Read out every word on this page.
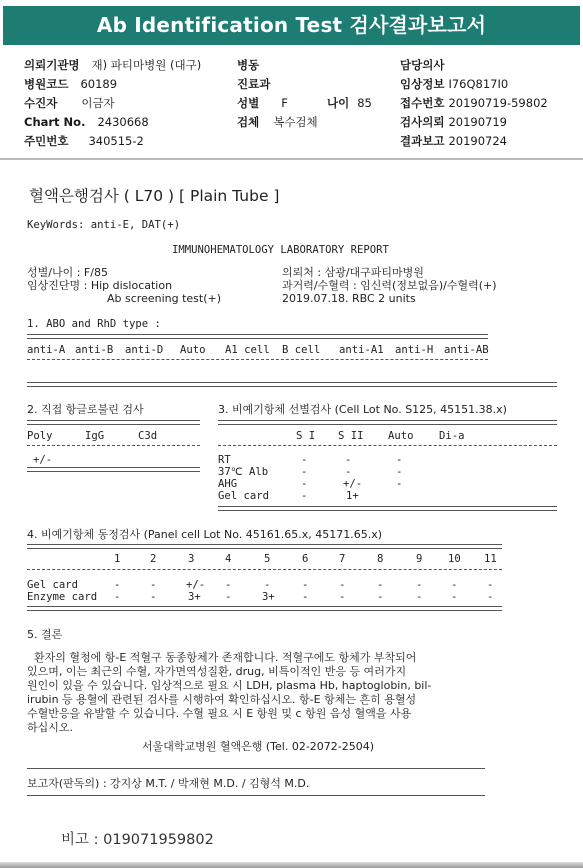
Ab Identification Test 검사결과보고서
의뢰기관명 재) 파티마병원 (대구)
병원코드 60189
수진자 이금자
Chart No. 2430668
주민번호 340515-2
병동
진료과
성별 F	나이 85
검체 복수검체
담당의사
임상정보 I76Q817I0
접수번호 20190719-59802
검사의뢰 20190719
결과보고 20190724
혈액은행검사 ( L70 ) [ Plain Tube ]
KeyWords: anti-E, DAT(+)
IMMUNOHEMATOLOGY LABORATORY REPORT
성별/나이 : F/85	의뢰처 : 삼광/대구파티마병원
임상진단명 : Hip dislocation	과거력/수혈력 : 임신력(정보없음)/수혈력(+)
Ab screening test(+)	2019.07.18. RBC 2 units
1. ABO and RhD type :
anti-A anti-B anti-D Auto A1 cell B cell anti-A1 anti-H anti-AB
2. 직접 항글로불린 검사
Poly	IgG	C3d
+/-
3. 비예기항체 선별검사 (Cell Lot No. S125, 45151.38.x)
S I S II Auto Di-a
RT	-	-	-
37℃ Alb	-	-	-
AHG	-	+/-	-
Gel card	-	1+
4. 비예기항체 동정검사 (Panel cell Lot No. 45161.65.x, 45171.65.x)
1	2	3	4	5	6	7	8	9 10 11
Gel card	-	-	+/- -	-	-	-	-	-	-	-
Enzyme card -	-	3+ -	3+	-	-	-	-	-	-
5. 결론
환자의 혈청에 항-E 적혈구 동종항체가 존재합니다. 적혈구에도 항체가 부착되어
있으며, 이는 최근의 수혈, 자가면역성질환, drug, 비특이적인 반응 등 여러가지
원인이 있을 수 있습니다. 임상적으로 필요 시 LDH, plasma Hb, haptoglobin, bil-
irubin 등 용혈에 관련된 검사를 시행하여 확인하십시오. 항-E 항체는 흔히 용혈성
수혈반응을 유발할 수 있습니다. 수혈 필요 시 E 항원 및 c 항원 음성 혈액을 사용
하십시오.
서울대학교병원 혈액은행 (Tel. 02-2072-2504)
보고자(판독의) : 강지상 M.T. / 박재현 M.D. / 김형석 M.D.
비고 : 019071959802
